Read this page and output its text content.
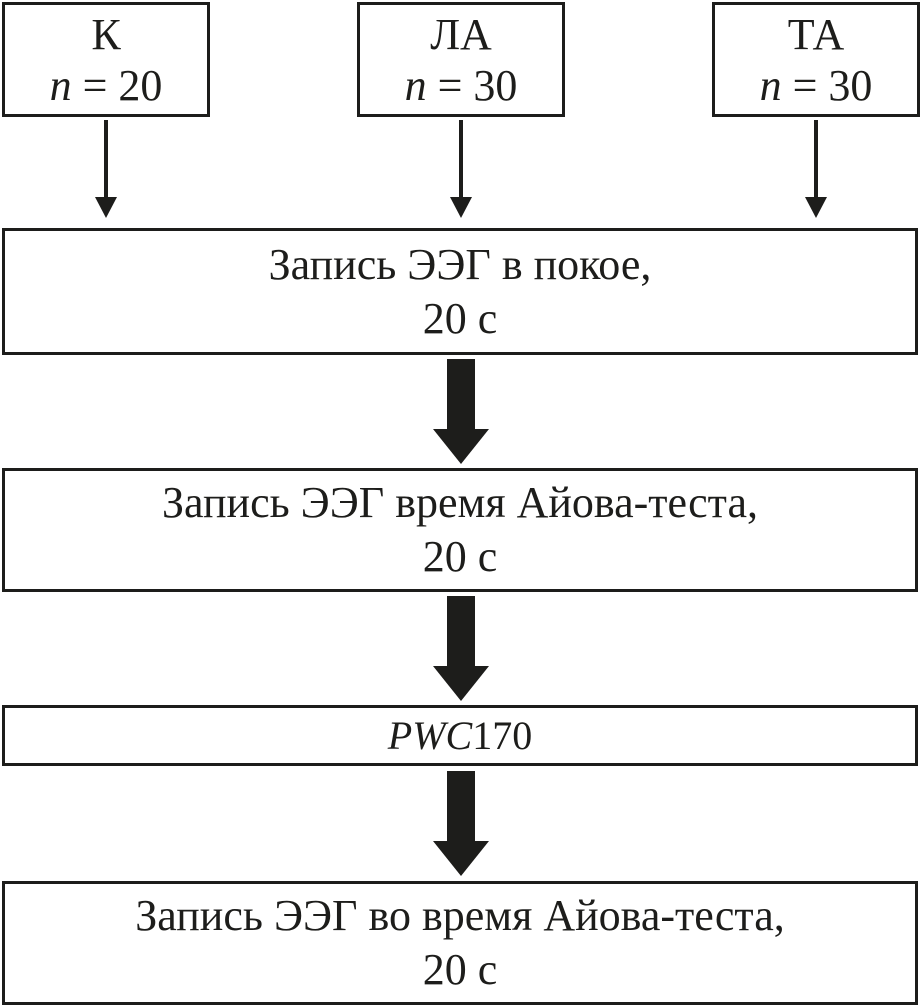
К
n = 20
ЛА
n = 30
ТА
n = 30
Запись ЭЭГ в покое,
20 с
Запись ЭЭГ время Айова-теста,
20 с
PWC170
Запись ЭЭГ во время Айова-теста,
20 с
